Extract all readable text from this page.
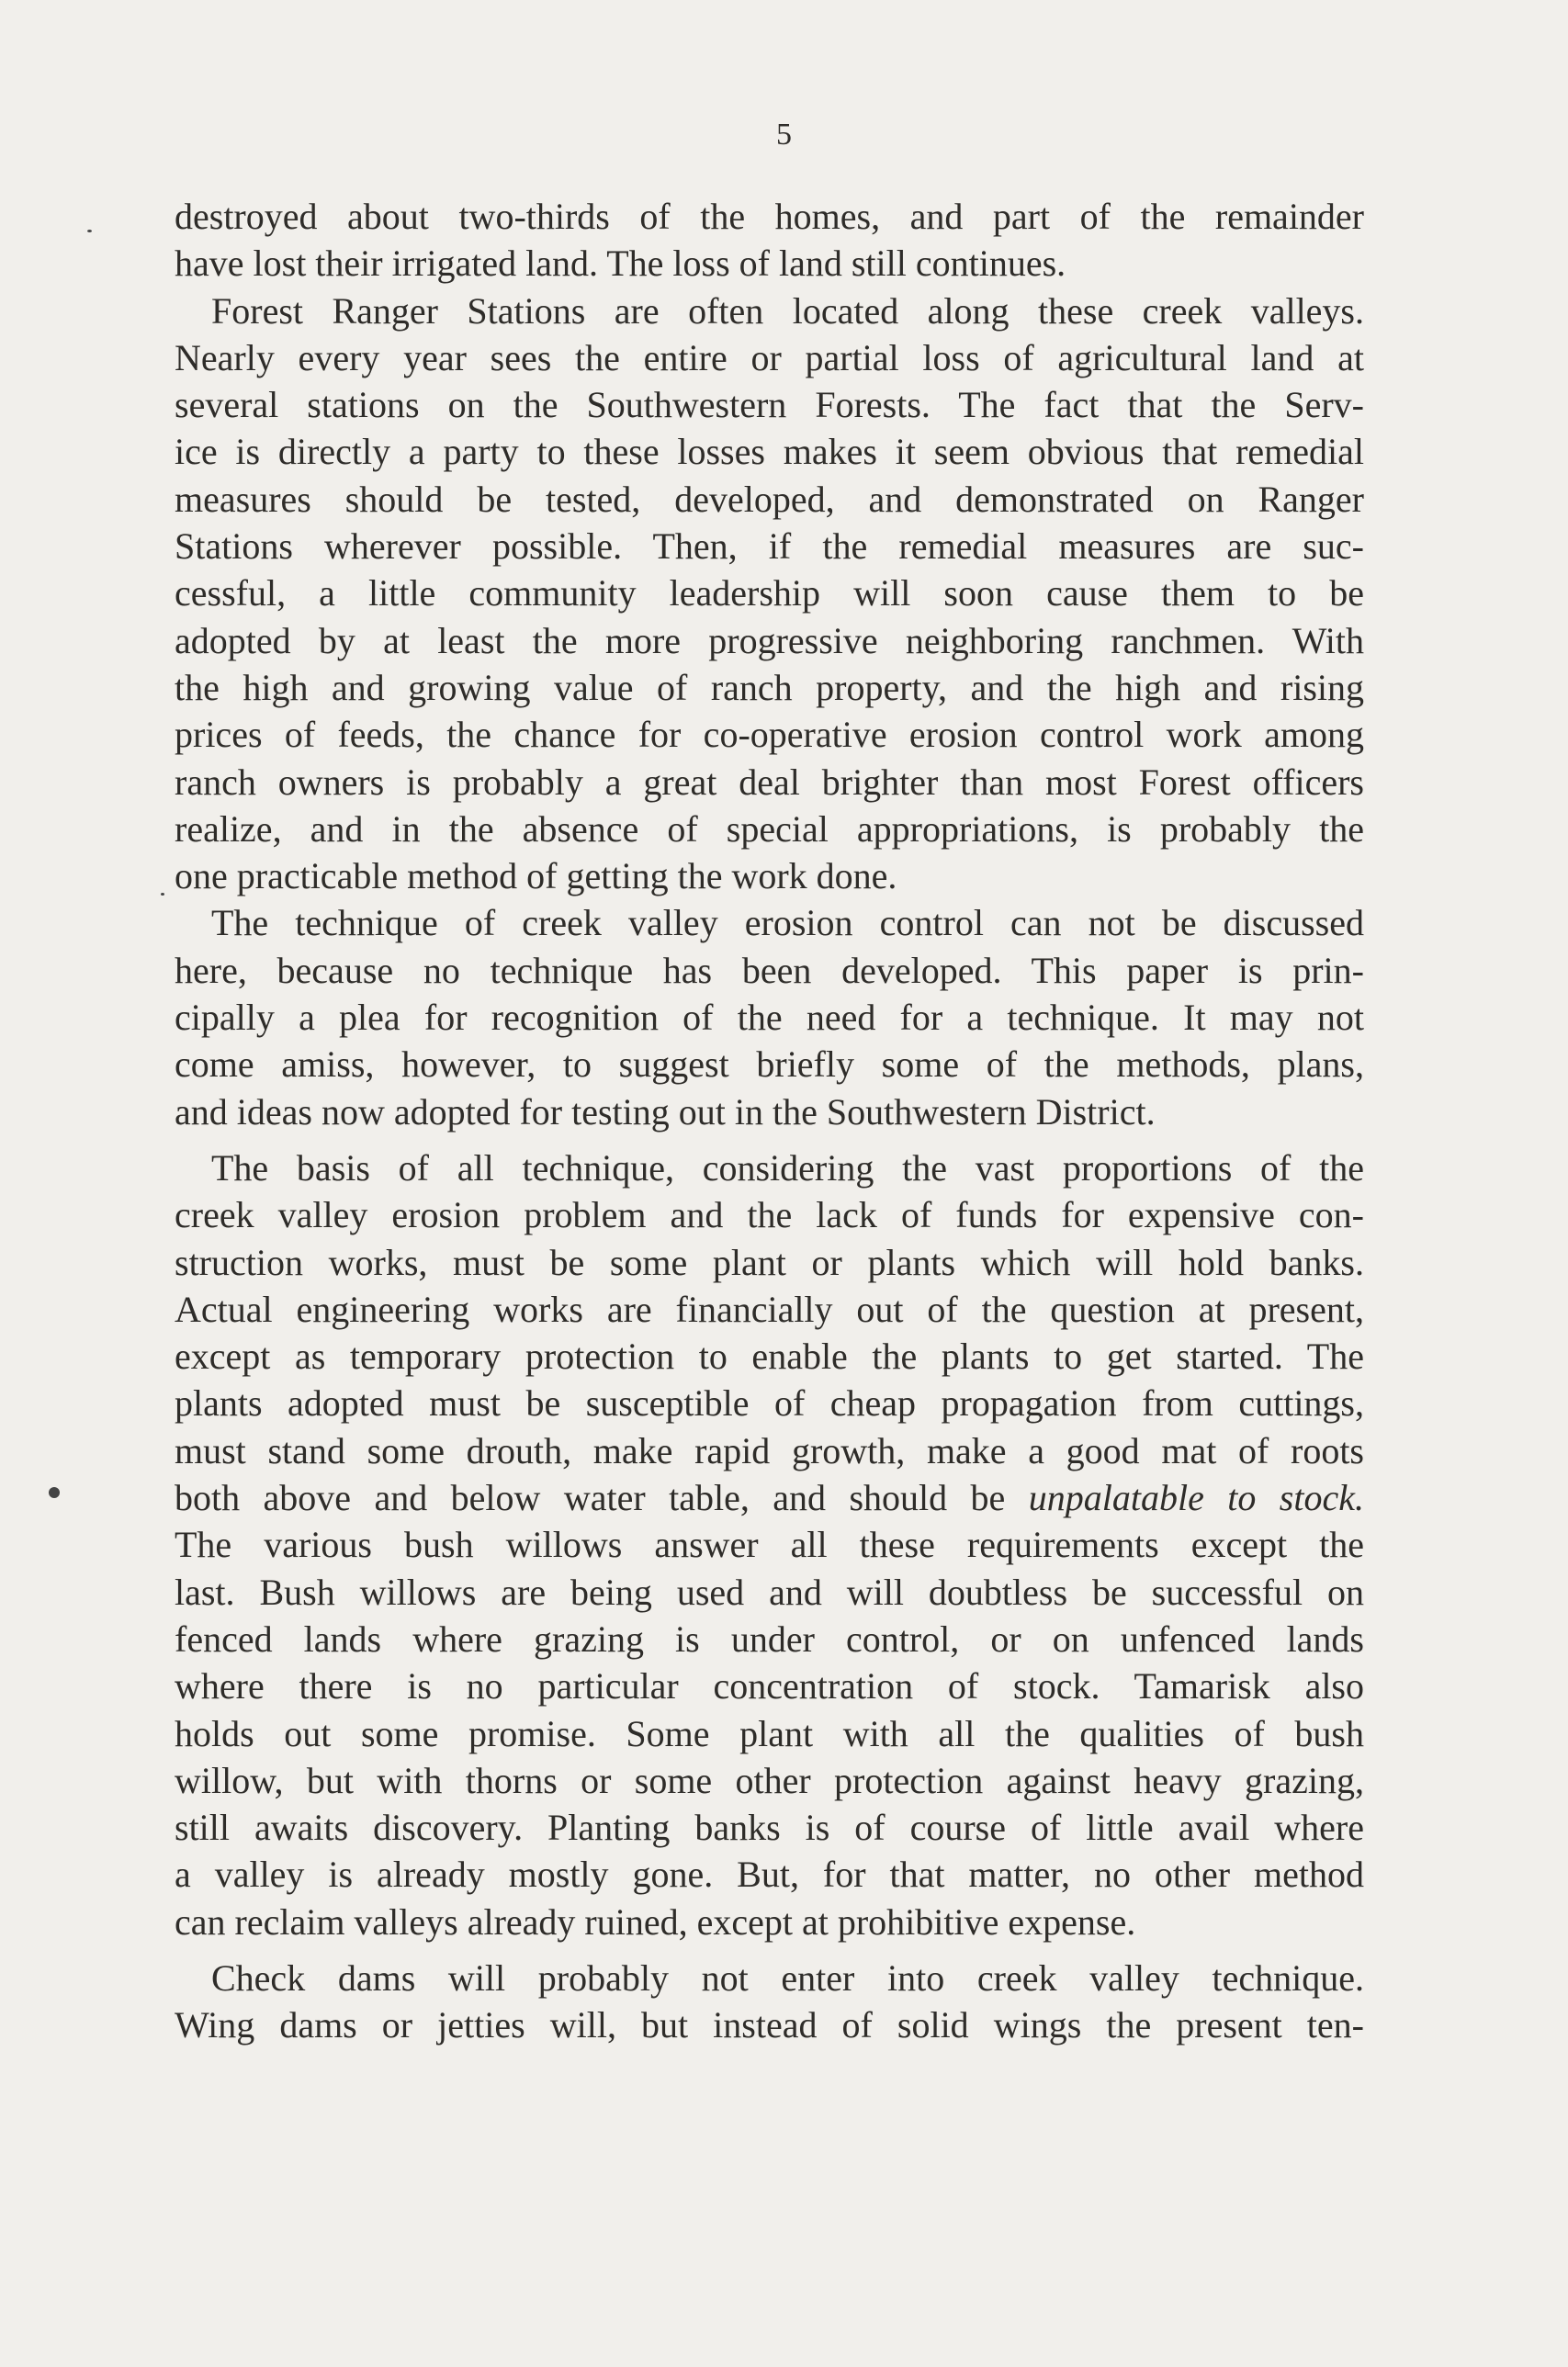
5
destroyed about two-thirds of the homes, and part of the remainder
have lost their irrigated land. The loss of land still continues.
Forest Ranger Stations are often located along these creek valleys.
Nearly every year sees the entire or partial loss of agricultural land at
several stations on the Southwestern Forests. The fact that the Serv-
ice is directly a party to these losses makes it seem obvious that remedial
measures should be tested, developed, and demonstrated on Ranger
Stations wherever possible. Then, if the remedial measures are suc-
cessful, a little community leadership will soon cause them to be
adopted by at least the more progressive neighboring ranchmen. With
the high and growing value of ranch property, and the high and rising
prices of feeds, the chance for co-operative erosion control work among
ranch owners is probably a great deal brighter than most Forest officers
realize, and in the absence of special appropriations, is probably the
one practicable method of getting the work done.
The technique of creek valley erosion control can not be discussed
here, because no technique has been developed. This paper is prin-
cipally a plea for recognition of the need for a technique. It may not
come amiss, however, to suggest briefly some of the methods, plans,
and ideas now adopted for testing out in the Southwestern District.
The basis of all technique, considering the vast proportions of the
creek valley erosion problem and the lack of funds for expensive con-
struction works, must be some plant or plants which will hold banks.
Actual engineering works are financially out of the question at present,
except as temporary protection to enable the plants to get started. The
plants adopted must be susceptible of cheap propagation from cuttings,
must stand some drouth, make rapid growth, make a good mat of roots
both above and below water table, and should be unpalatable to stock.
The various bush willows answer all these requirements except the
last. Bush willows are being used and will doubtless be successful on
fenced lands where grazing is under control, or on unfenced lands
where there is no particular concentration of stock. Tamarisk also
holds out some promise. Some plant with all the qualities of bush
willow, but with thorns or some other protection against heavy grazing,
still awaits discovery. Planting banks is of course of little avail where
a valley is already mostly gone. But, for that matter, no other method
can reclaim valleys already ruined, except at prohibitive expense.
Check dams will probably not enter into creek valley technique.
Wing dams or jetties will, but instead of solid wings the present ten-
